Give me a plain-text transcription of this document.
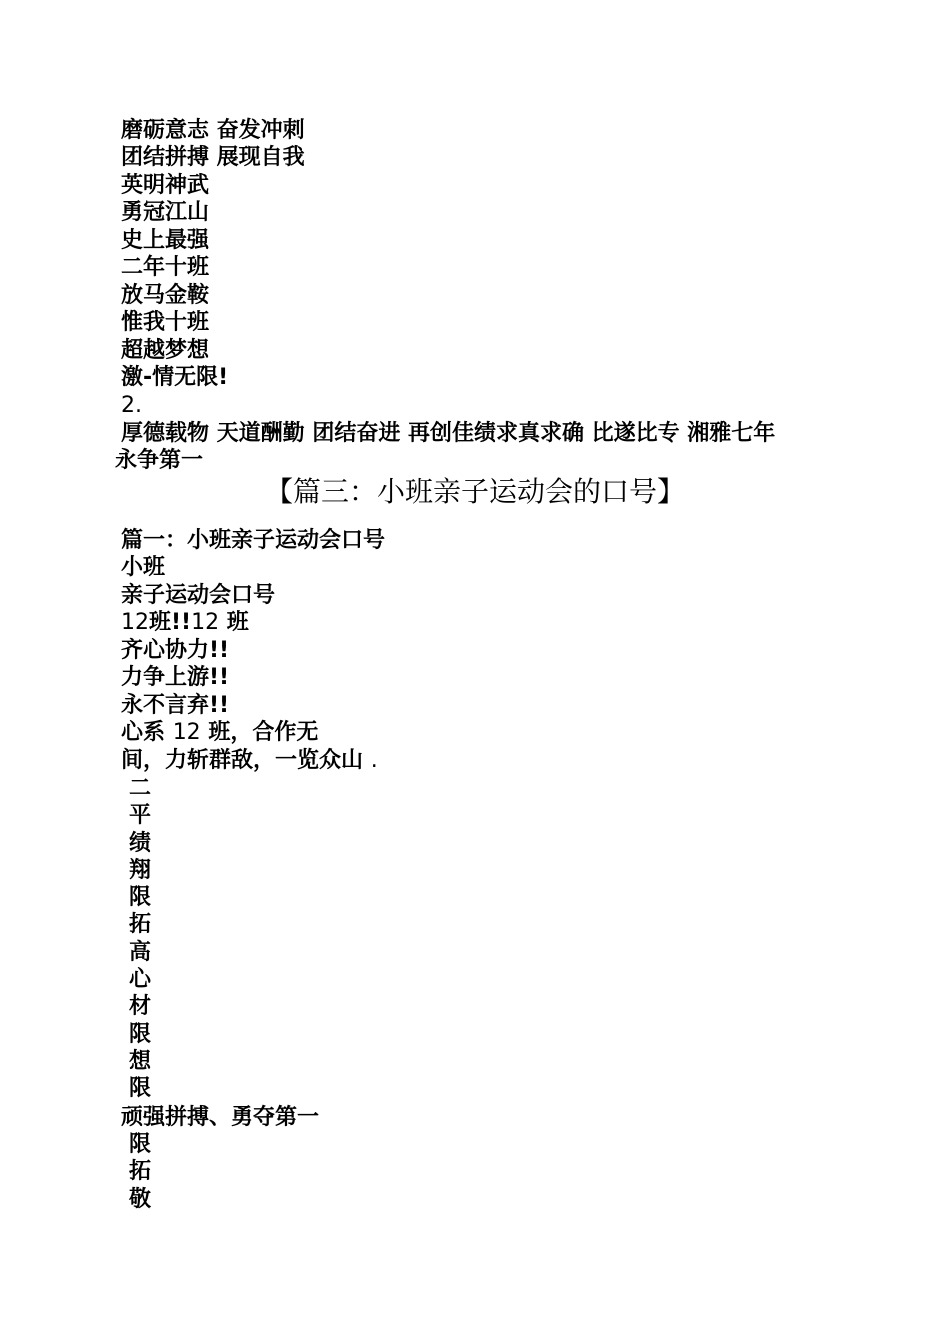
磨砺意志 奋发冲刺
团结拼搏 展现自我
英明神武
勇冠江山
史上最强
二年十班
放马金鞍
惟我十班
超越梦想
激-情无限!
2.
厚德载物 天道酬勤 团结奋进 再创佳绩求真求确 比遂比专 湘雅七年
永争第一
【篇三：小班亲子运动会的口号】
篇一：小班亲子运动会口号
小班
亲子运动会口号
12班!!12 班
齐心协力!!
力争上游!!
永不言弃!!
心系 12 班，合作无
间，力斩群敌，一览众山 .
二
平
绩
翔
限
拓
高
心
材
限
想
限
顽强拼搏、勇夺第一
限
拓
敬
